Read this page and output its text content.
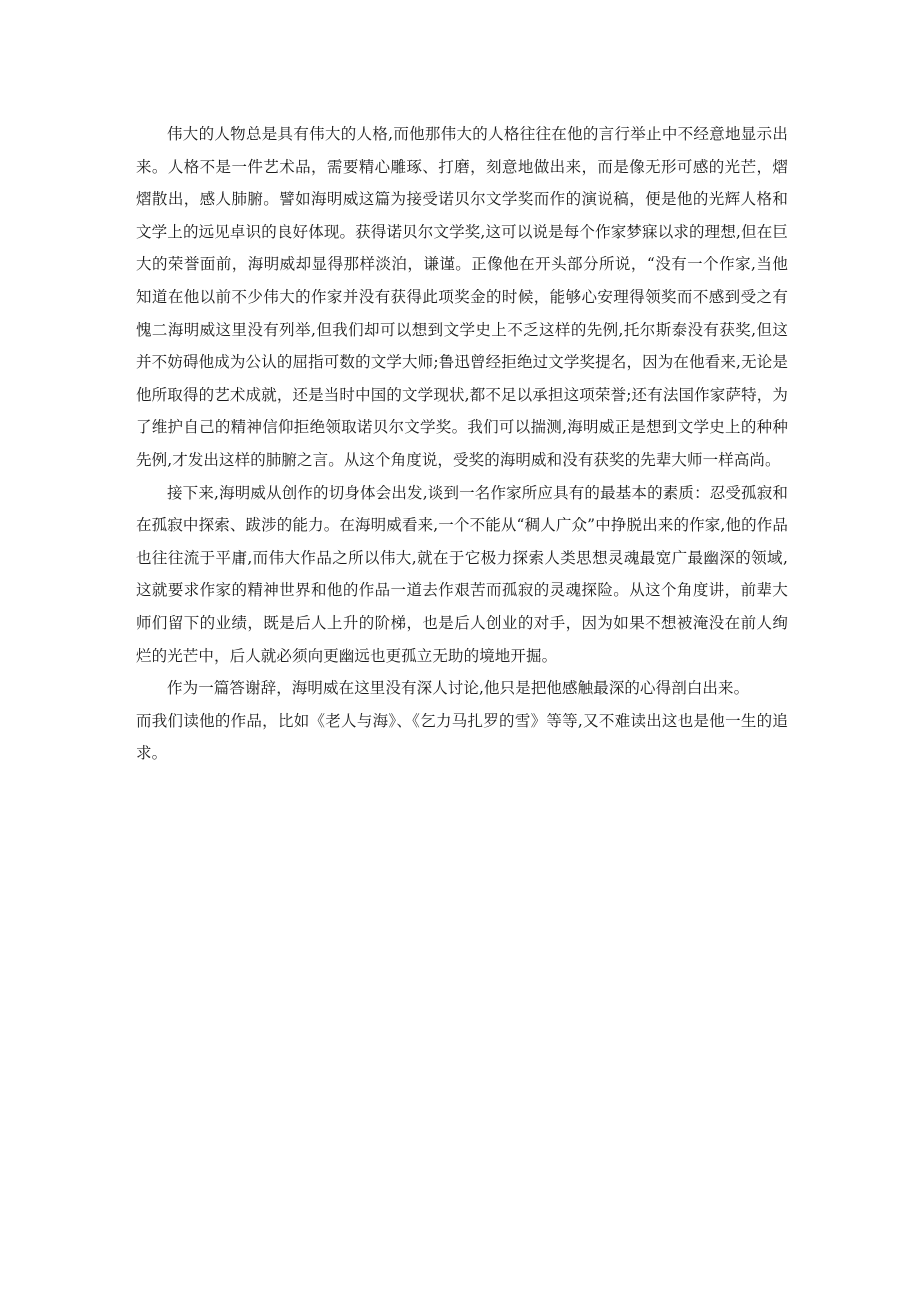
伟大的人物总是具有伟大的人格,而他那伟大的人格往往在他的言行举止中不经意地显示出来。人格不是一件艺术品，需要精心雕琢、打磨，刻意地做出来，而是像无形可感的光芒，熠熠散出，感人肺腑。譬如海明威这篇为接受诺贝尔文学奖而作的演说稿，便是他的光辉人格和文学上的远见卓识的良好体现。获得诺贝尔文学奖,这可以说是每个作家梦寐以求的理想,但在巨大的荣誉面前，海明威却显得那样淡泊，谦谨。正像他在开头部分所说，“没有一个作家,当他知道在他以前不少伟大的作家并没有获得此项奖金的时候，能够心安理得领奖而不感到受之有愧二海明威这里没有列举,但我们却可以想到文学史上不乏这样的先例,托尔斯泰没有获奖,但这并不妨碍他成为公认的屈指可数的文学大师;鲁迅曾经拒绝过文学奖提名，因为在他看来,无论是他所取得的艺术成就，还是当时中国的文学现状,都不足以承担这项荣誉;还有法国作家萨特，为了维护自己的精神信仰拒绝领取诺贝尔文学奖。我们可以揣测,海明威正是想到文学史上的种种先例,才发出这样的肺腑之言。从这个角度说，受奖的海明威和没有获奖的先辈大师一样高尚。

接下来,海明威从创作的切身体会出发,谈到一名作家所应具有的最基本的素质：忍受孤寂和在孤寂中探索、跋涉的能力。在海明威看来,一个不能从“稠人广众”中挣脱出来的作家,他的作品也往往流于平庸,而伟大作品之所以伟大,就在于它极力探索人类思想灵魂最宽广最幽深的领域,这就要求作家的精神世界和他的作品一道去作艰苦而孤寂的灵魂探险。从这个角度讲，前辈大师们留下的业绩，既是后人上升的阶梯，也是后人创业的对手，因为如果不想被淹没在前人绚烂的光芒中，后人就必须向更幽远也更孤立无助的境地开掘。

作为一篇答谢辞，海明威在这里没有深人讨论,他只是把他感触最深的心得剖白出来。

而我们读他的作品，比如《老人与海》、《乞力马扎罗的雪》等等,又不难读出这也是他一生的追求。
